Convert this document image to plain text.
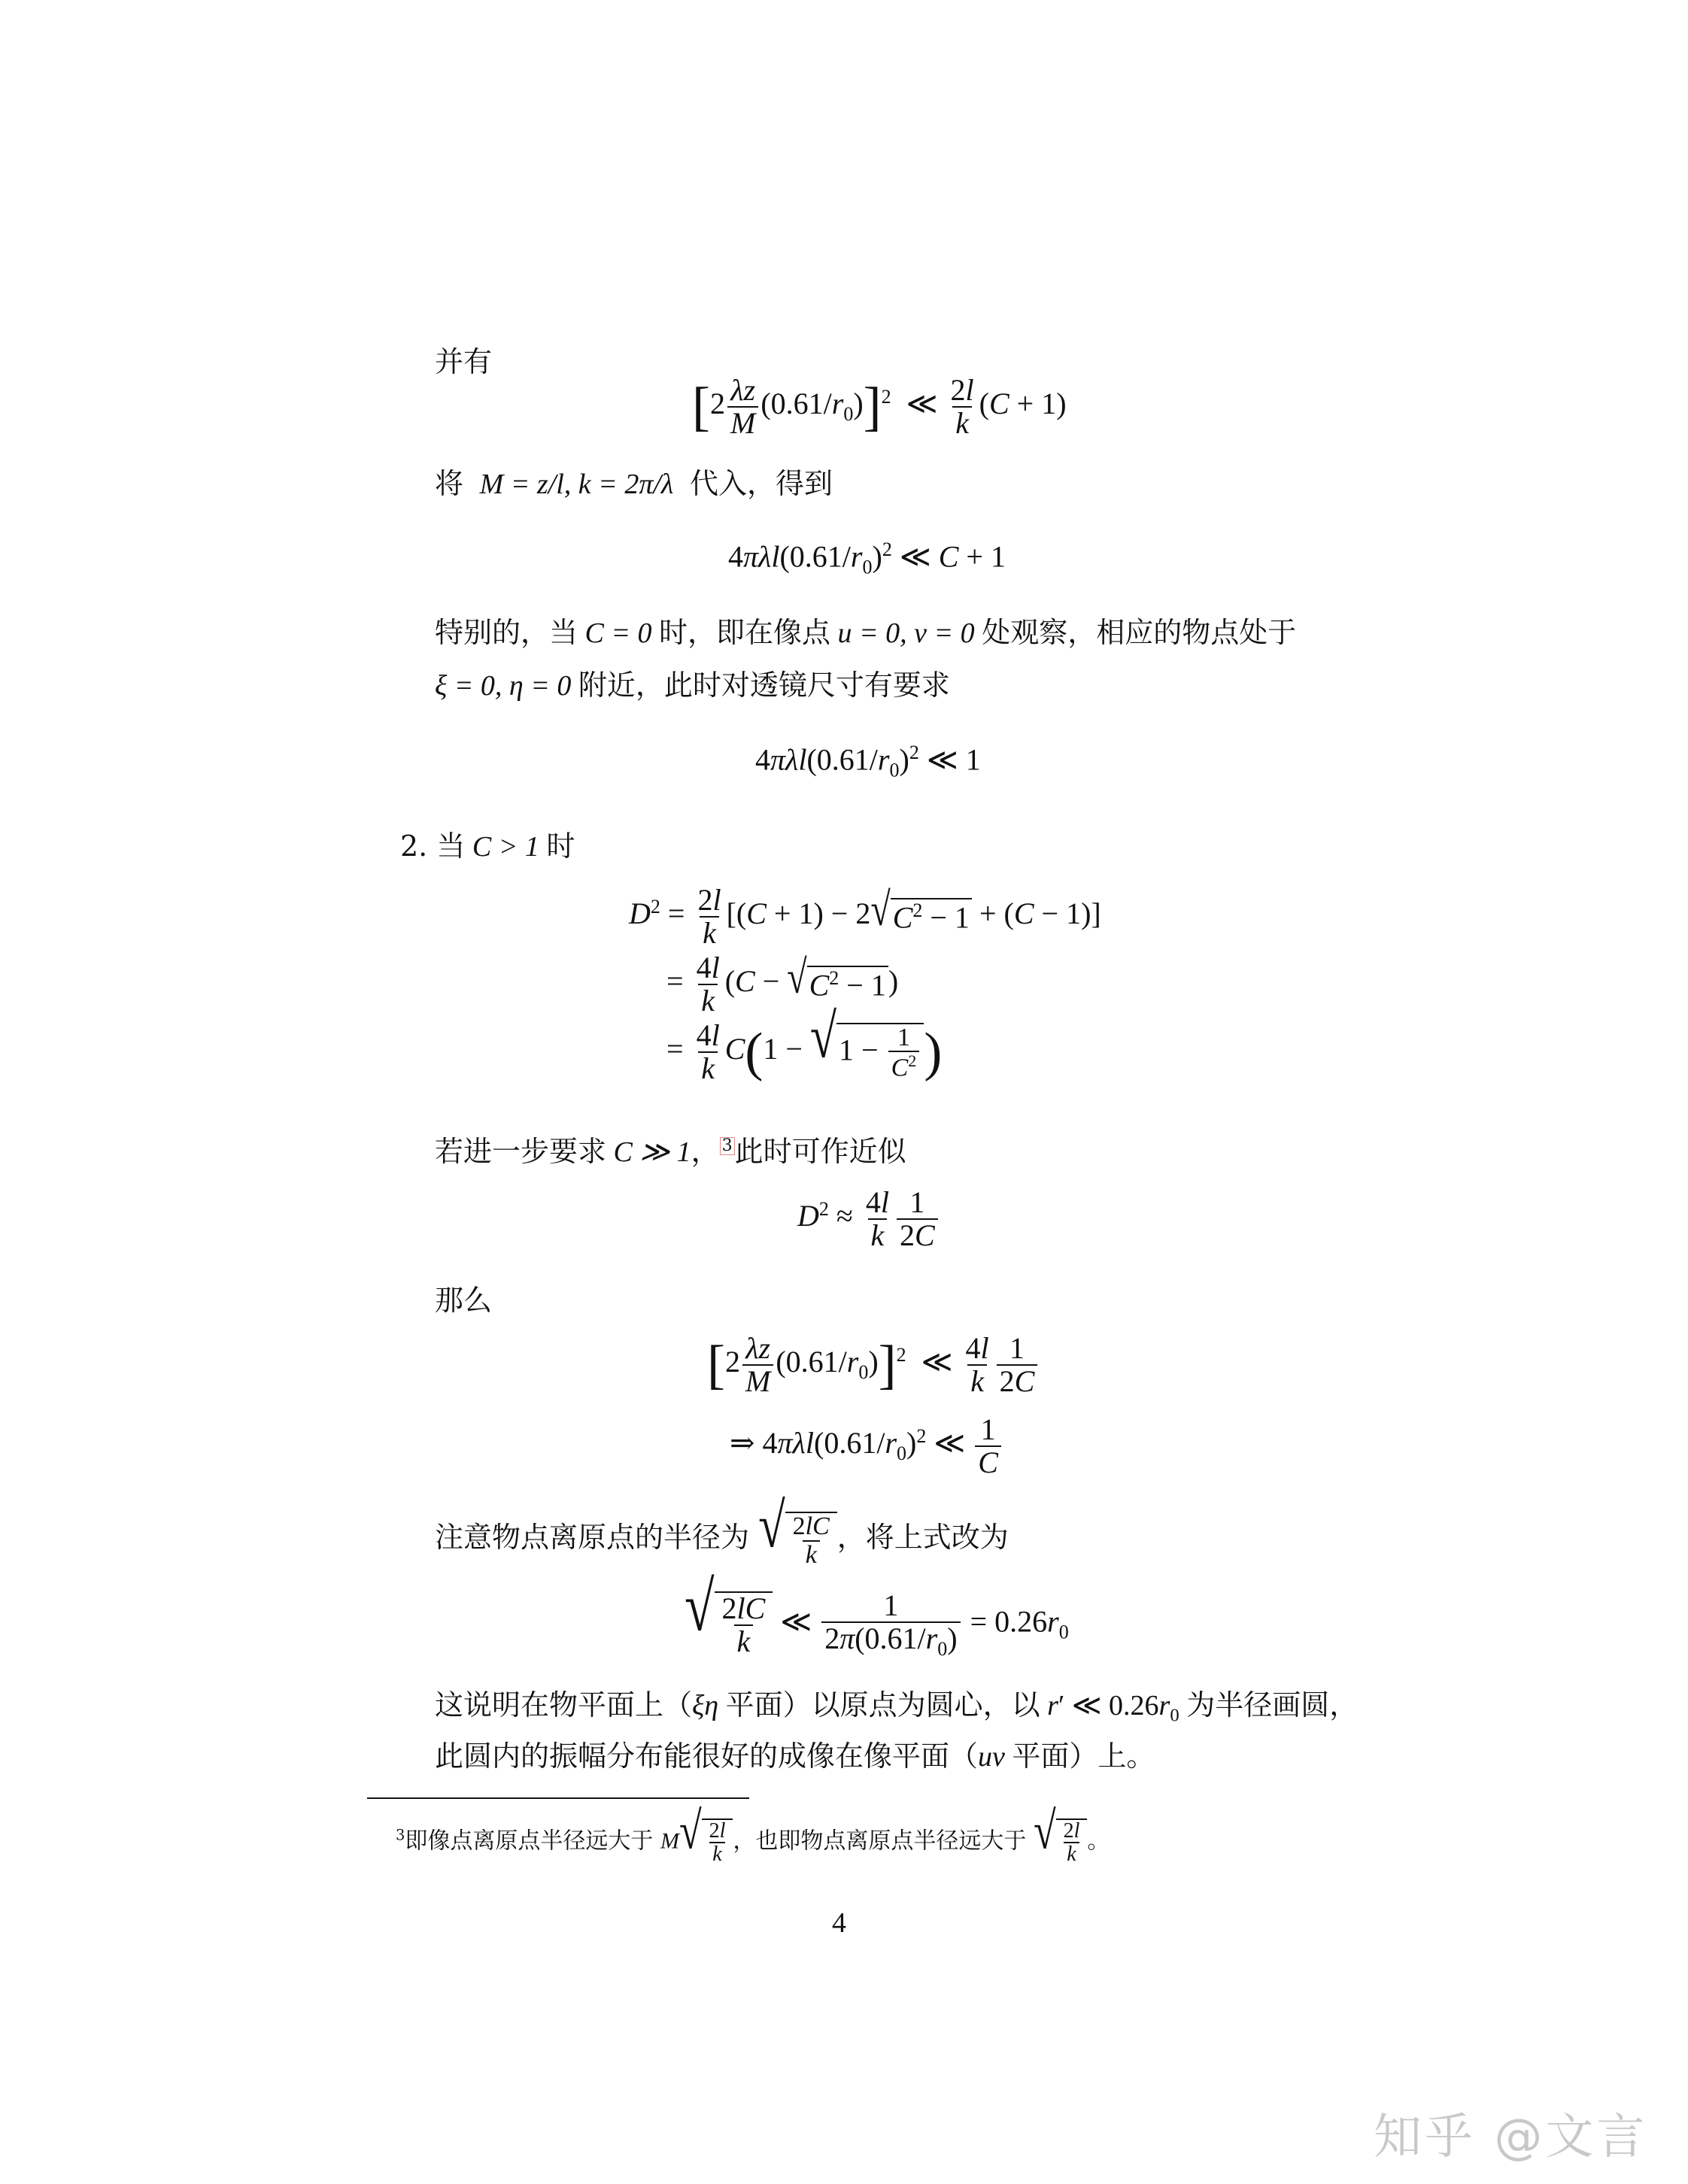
并有
$[2 \frac{\lambda z}{M} (0.61/r_0)]^2$  ≪ $\frac{2l}{k} (C + 1)$
将  M = z/l, k = 2π/λ  代入，得到
$4\pi\lambda l(0.61/r_0)^2$ ≪ C + 1
特别的，当 C = 0 时，即在像点 u = 0, v = 0 处观察，相应的物点处于
ξ = 0, η = 0 附近，此时对透镜尺寸有要求
$4\pi\lambda l(0.61/r_0)^2$ ≪ 1
2. 当 C > 1 时
$D^2 = \frac{2l}{k} [(C + 1) - 2$ √ $C^2 - 1 + (C - 1)$]
= $\frac{4l}{k} (C$ − √ $C^2 - 1$ )
= $\frac{4l}{k} C(1$ − √ $1 - \frac{1}{C^2}$ )
若进一步要求 C ≫ 1， 3此时可作近似
$D^2 \approx \frac{4l}{k} \frac{1}{2C}$
那么
$[2 \frac{\lambda z}{M} (0.61/r_0)]^2$  ≪ $\frac{4l}{k} \frac{1}{2C}$
⇒ $4\pi\lambda l(0.61/r_0)^2$ ≪ $\frac{1}{C}$
注意物点离原点的半径为 √ $\frac{2lC}{k}$ ，将上式改为
√ $\frac{2lC}{k}$ ≪ $\frac{1}{2\pi(0.61/r_0)} = 0.26r_0$
这说明在物平面上（ξη 平面）以原点为圆心，以 r′ ≪ $0.26r_0$ 为半径画圆，
此圆内的振幅分布能很好的成像在像平面（uv 平面）上。
$^3$即像点离原点半径远大于 M √ $\frac{2l}{k}$ ，也即物点离原点半径远大于 √ $\frac{2l}{k}$ 。
4
知乎 @文言
